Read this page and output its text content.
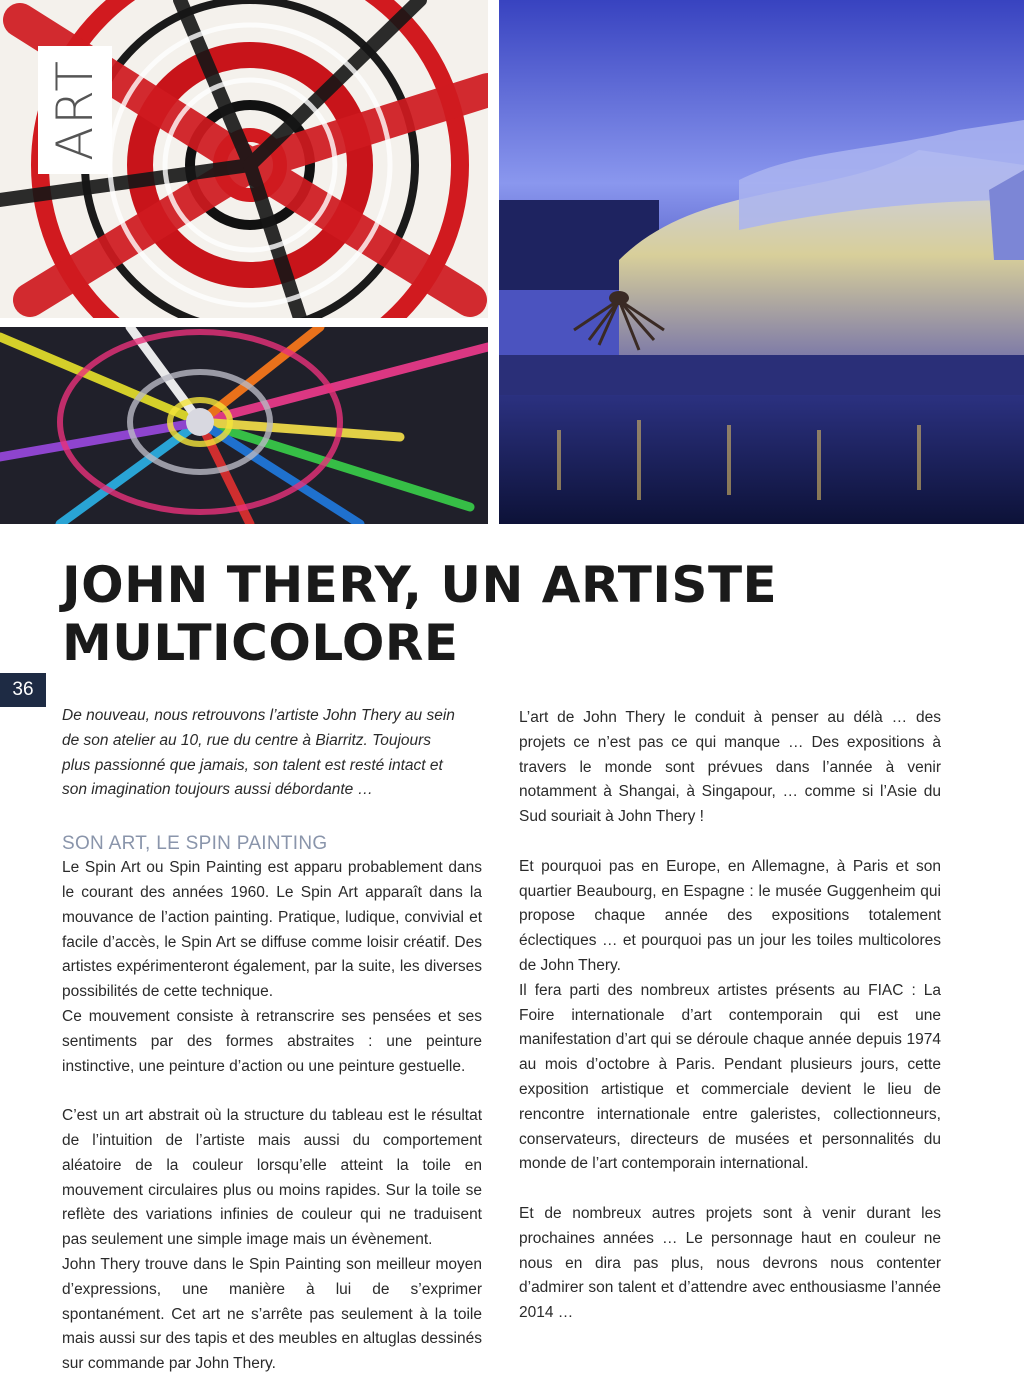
ART
36
JOHN THERY, UN ARTISTE
MULTICOLORE
De nouveau, nous retrouvons l’artiste John Thery au sein
de son atelier au 10, rue du centre à Biarritz. Toujours
plus passionné que jamais, son talent est resté intact et
son imagination toujours aussi débordante …
SON ART, LE SPIN PAINTING

Le Spin Art ou Spin Painting est apparu probablement dans le courant des années 1960. Le Spin Art apparaît dans la mouvance de l’action painting. Pratique, ludique, convivial et facile d’accès, le Spin Art se diffuse comme loisir créatif. Des artistes expérimenteront également, par la suite, les diverses possibilités de cette technique.

Ce mouvement consiste à retranscrire ses pensées et ses sentiments par des formes abstraites : une peinture instinctive, une peinture d’action ou une peinture gestuelle.

C’est un art abstrait où la structure du tableau est le résultat de l’intuition de l’artiste mais aussi du comportement aléatoire de la couleur lorsqu’elle atteint la toile en mouvement circulaires plus ou moins rapides. Sur la toile se reflète des variations infinies de couleur qui ne traduisent pas seulement une simple image mais un évènement.

John Thery trouve dans le Spin Painting son meilleur moyen d’expressions, une manière à lui de s’exprimer spontanément. Cet art ne s’arrête pas seulement à la toile mais aussi sur des tapis et des meubles en altuglas dessinés sur commande par John Thery.

L’art de John Thery le conduit à penser au délà … des projets ce n’est pas ce qui manque … Des expositions à travers le monde sont prévues dans l’année à venir notamment à Shangai, à Singapour, … comme si l’Asie du Sud souriait à John Thery !

Et pourquoi pas en Europe, en Allemagne, à Paris et son quartier Beaubourg, en Espagne : le musée Guggenheim qui propose chaque année des expositions totalement éclectiques … et pourquoi pas un jour les toiles multicolores de John Thery.

Il fera parti des nombreux artistes présents au FIAC : La Foire internationale d’art contemporain qui est une manifestation d’art qui se déroule chaque année depuis 1974 au mois d’octobre à Paris. Pendant plusieurs jours, cette exposition artistique et commerciale devient le lieu de rencontre internationale entre galeristes, collectionneurs, conservateurs, directeurs de musées et personnalités du monde de l’art contemporain international.

Et de nombreux autres projets sont à venir durant les prochaines années … Le personnage haut en couleur ne nous en dira pas plus, nous devrons nous contenter d’admirer son talent et d’attendre avec enthousiasme l’année 2014 …
